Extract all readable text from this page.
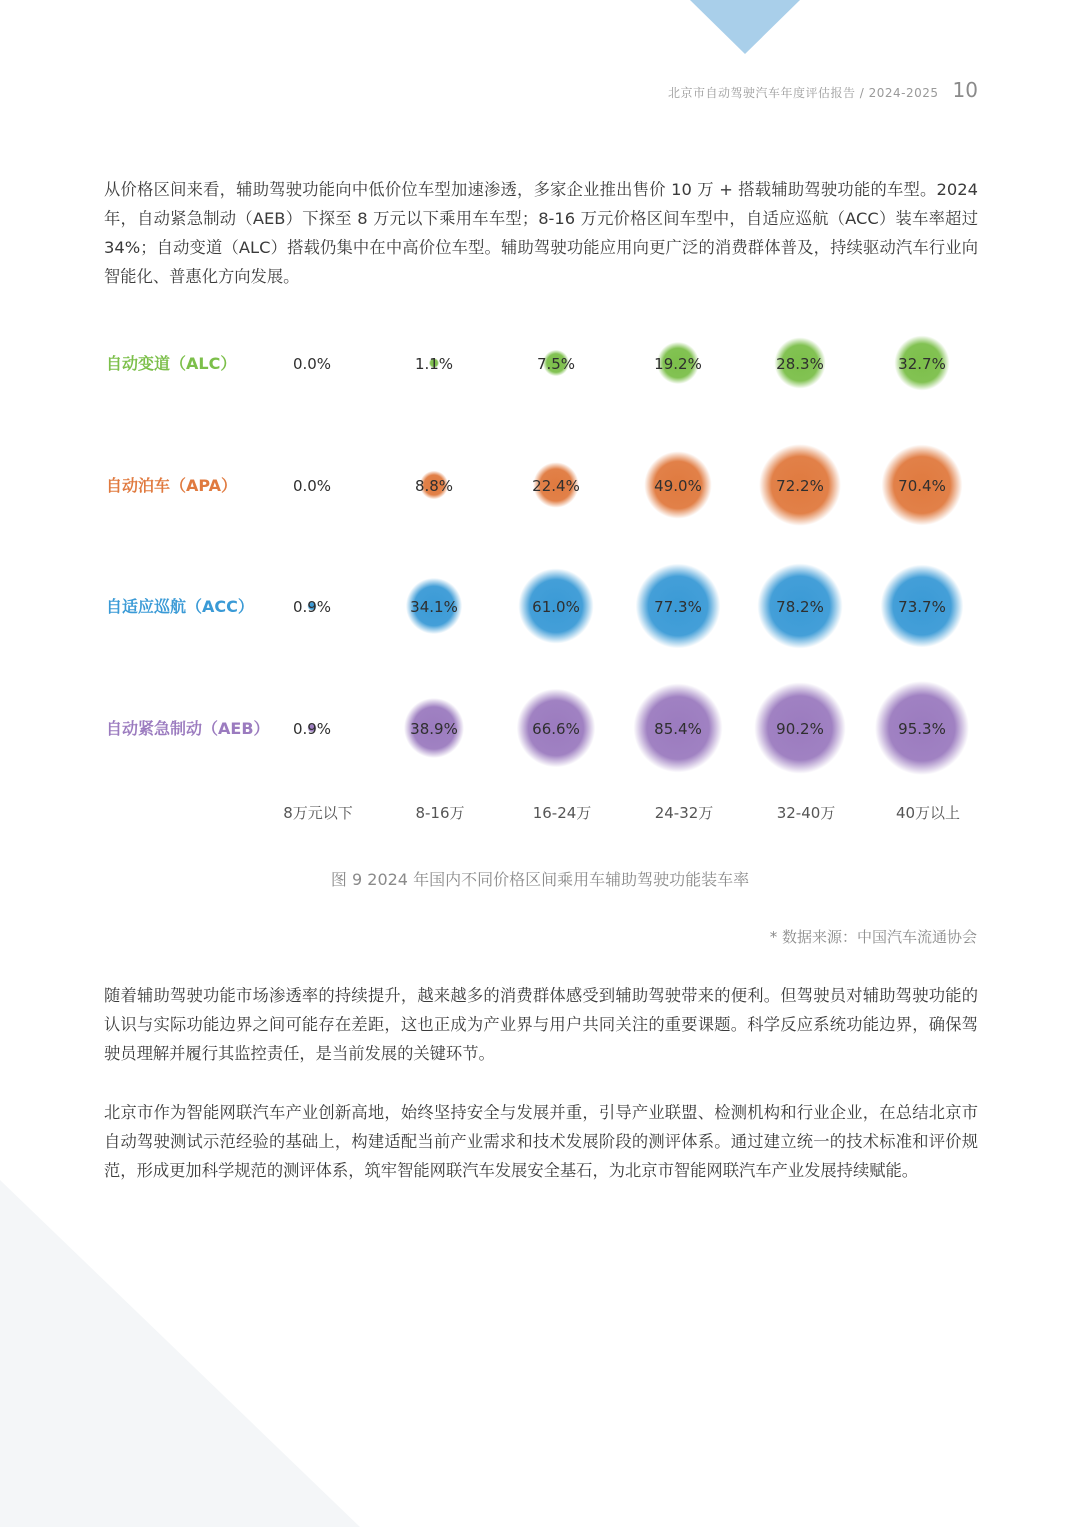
北京市自动驾驶汽车年度评估报告 / 2024-2025 10

从价格区间来看，辅助驾驶功能向中低价位车型加速渗透，多家企业推出售价 10 万 + 搭载辅助驾驶功能的车型。2024 年，自动紧急制动（AEB）下探至 8 万元以下乘用车车型；8-16 万元价格区间车型中，自适应巡航（ACC）装车率超过 34%；自动变道（ALC）搭载仍集中在中高价位车型。辅助驾驶功能应用向更广泛的消费群体普及，持续驱动汽车行业向智能化、普惠化方向发展。

自动变道（ALC）	0.0%	1.1%	7.5%	19.2%	28.3%	32.7%
自动泊车（APA）	0.0%	8.8%	22.4%	49.0%	72.2%	70.4%
自适应巡航（ACC）	0.9%	34.1%	61.0%	77.3%	78.2%	73.7%
自动紧急制动（AEB） 0.9%	38.9%	66.6%	85.4%	90.2%	95.3%
8万元以下	8-16万	16-24万	24-32万	32-40万	40万以上
图 9 2024 年国内不同价格区间乘用车辅助驾驶功能装车率
* 数据来源：中国汽车流通协会

随着辅助驾驶功能市场渗透率的持续提升，越来越多的消费群体感受到辅助驾驶带来的便利。但驾驶员对辅助驾驶功能的认识与实际功能边界之间可能存在差距，这也正成为产业界与用户共同关注的重要课题。科学反应系统功能边界，确保驾驶员理解并履行其监控责任，是当前发展的关键环节。

北京市作为智能网联汽车产业创新高地，始终坚持安全与发展并重，引导产业联盟、检测机构和行业企业，在总结北京市自动驾驶测试示范经验的基础上，构建适配当前产业需求和技术发展阶段的测评体系。通过建立统一的技术标准和评价规范，形成更加科学规范的测评体系，筑牢智能网联汽车发展安全基石，为北京市智能网联汽车产业发展持续赋能。
